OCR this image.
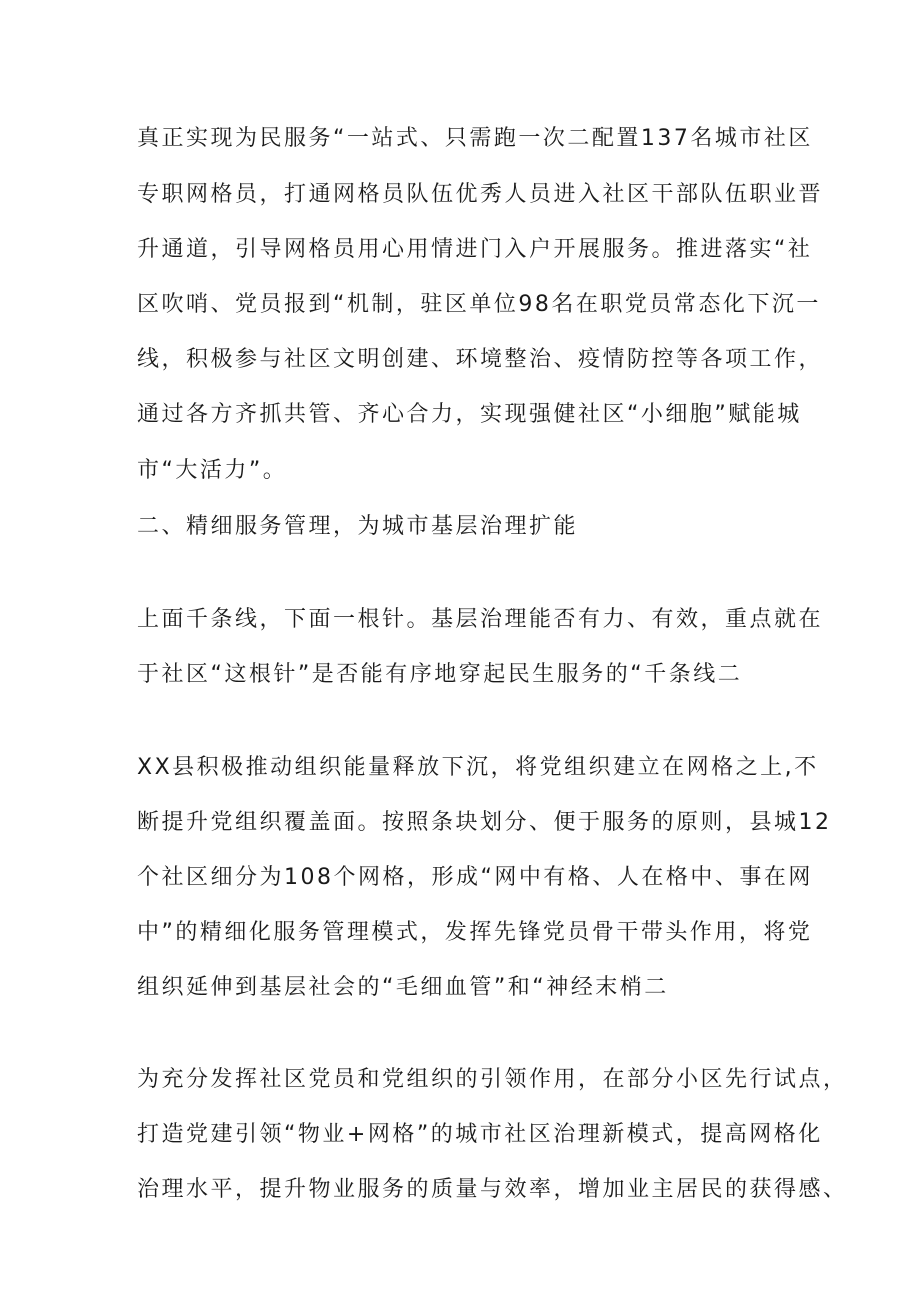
真正实现为民服务“一站式、只需跑一次二配置137名城市社区
专职网格员，打通网格员队伍优秀人员进入社区干部队伍职业晋
升通道，引导网格员用心用情进门入户开展服务。推进落实“社
区吹哨、党员报到“机制，驻区单位98名在职党员常态化下沉一
线，积极参与社区文明创建、环境整治、疫情防控等各项工作，
通过各方齐抓共管、齐心合力，实现强健社区“小细胞”赋能城
市“大活力”。
二、精细服务管理，为城市基层治理扩能
上面千条线，下面一根针。基层治理能否有力、有效，重点就在
于社区“这根针”是否能有序地穿起民生服务的“千条线二
XX县积极推动组织能量释放下沉，将党组织建立在网格之上,不
断提升党组织覆盖面。按照条块划分、便于服务的原则，县城12
个社区细分为108个网格，形成“网中有格、人在格中、事在网
中”的精细化服务管理模式，发挥先锋党员骨干带头作用，将党
组织延伸到基层社会的“毛细血管”和“神经末梢二
为充分发挥社区党员和党组织的引领作用，在部分小区先行试点，
打造党建引领“物业+网格”的城市社区治理新模式，提高网格化
治理水平，提升物业服务的质量与效率，增加业主居民的获得感、
